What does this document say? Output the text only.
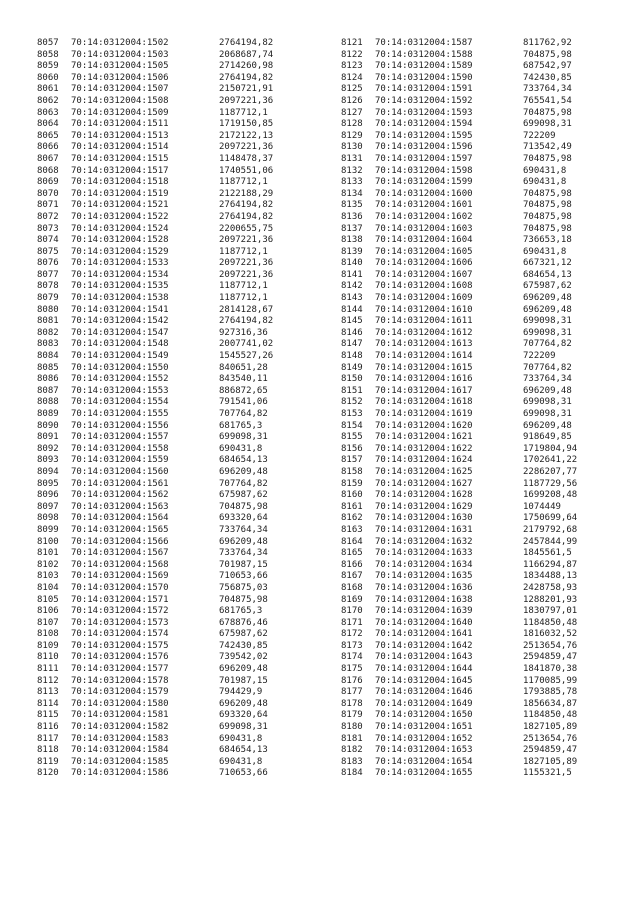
8057	70:14:0312004:1502	2764194,82
8058	70:14:0312004:1503	2068687,74
8059	70:14:0312004:1505	2714260,98
8060	70:14:0312004:1506	2764194,82
8061	70:14:0312004:1507	2150721,91
8062	70:14:0312004:1508	2097221,36
8063	70:14:0312004:1509	1187712,1
8064	70:14:0312004:1511	1719150,85
8065	70:14:0312004:1513	2172122,13
8066	70:14:0312004:1514	2097221,36
8067	70:14:0312004:1515	1148478,37
8068	70:14:0312004:1517	1740551,06
8069	70:14:0312004:1518	1187712,1
8070	70:14:0312004:1519	2122188,29
8071	70:14:0312004:1521	2764194,82
8072	70:14:0312004:1522	2764194,82
8073	70:14:0312004:1524	2200655,75
8074	70:14:0312004:1528	2097221,36
8075	70:14:0312004:1529	1187712,1
8076	70:14:0312004:1533	2097221,36
8077	70:14:0312004:1534	2097221,36
8078	70:14:0312004:1535	1187712,1
8079	70:14:0312004:1538	1187712,1
8080	70:14:0312004:1541	2814128,67
8081	70:14:0312004:1542	2764194,82
8082	70:14:0312004:1547	927316,36
8083	70:14:0312004:1548	2007741,02
8084	70:14:0312004:1549	1545527,26
8085	70:14:0312004:1550	840651,28
8086	70:14:0312004:1552	843540,11
8087	70:14:0312004:1553	886872,65
8088	70:14:0312004:1554	791541,06
8089	70:14:0312004:1555	707764,82
8090	70:14:0312004:1556	681765,3
8091	70:14:0312004:1557	699098,31
8092	70:14:0312004:1558	690431,8
8093	70:14:0312004:1559	684654,13
8094	70:14:0312004:1560	696209,48
8095	70:14:0312004:1561	707764,82
8096	70:14:0312004:1562	675987,62
8097	70:14:0312004:1563	704875,98
8098	70:14:0312004:1564	693320,64
8099	70:14:0312004:1565	733764,34
8100	70:14:0312004:1566	696209,48
8101	70:14:0312004:1567	733764,34
8102	70:14:0312004:1568	701987,15
8103	70:14:0312004:1569	710653,66
8104	70:14:0312004:1570	756875,03
8105	70:14:0312004:1571	704875,98
8106	70:14:0312004:1572	681765,3
8107	70:14:0312004:1573	678876,46
8108	70:14:0312004:1574	675987,62
8109	70:14:0312004:1575	742430,85
8110	70:14:0312004:1576	739542,02
8111	70:14:0312004:1577	696209,48
8112	70:14:0312004:1578	701987,15
8113	70:14:0312004:1579	794429,9
8114	70:14:0312004:1580	696209,48
8115	70:14:0312004:1581	693320,64
8116	70:14:0312004:1582	699098,31
8117	70:14:0312004:1583	690431,8
8118	70:14:0312004:1584	684654,13
8119	70:14:0312004:1585	690431,8
8120	70:14:0312004:1586	710653,66
8121	70:14:0312004:1587	811762,92
8122	70:14:0312004:1588	704875,98
8123	70:14:0312004:1589	687542,97
8124	70:14:0312004:1590	742430,85
8125	70:14:0312004:1591	733764,34
8126	70:14:0312004:1592	765541,54
8127	70:14:0312004:1593	704875,98
8128	70:14:0312004:1594	699098,31
8129	70:14:0312004:1595	722209
8130	70:14:0312004:1596	713542,49
8131	70:14:0312004:1597	704875,98
8132	70:14:0312004:1598	690431,8
8133	70:14:0312004:1599	690431,8
8134	70:14:0312004:1600	704875,98
8135	70:14:0312004:1601	704875,98
8136	70:14:0312004:1602	704875,98
8137	70:14:0312004:1603	704875,98
8138	70:14:0312004:1604	736653,18
8139	70:14:0312004:1605	690431,8
8140	70:14:0312004:1606	667321,12
8141	70:14:0312004:1607	684654,13
8142	70:14:0312004:1608	675987,62
8143	70:14:0312004:1609	696209,48
8144	70:14:0312004:1610	696209,48
8145	70:14:0312004:1611	699098,31
8146	70:14:0312004:1612	699098,31
8147	70:14:0312004:1613	707764,82
8148	70:14:0312004:1614	722209
8149	70:14:0312004:1615	707764,82
8150	70:14:0312004:1616	733764,34
8151	70:14:0312004:1617	696209,48
8152	70:14:0312004:1618	699098,31
8153	70:14:0312004:1619	699098,31
8154	70:14:0312004:1620	696209,48
8155	70:14:0312004:1621	918649,85
8156	70:14:0312004:1622	1719804,94
8157	70:14:0312004:1624	1702641,22
8158	70:14:0312004:1625	2286207,77
8159	70:14:0312004:1627	1187729,56
8160	70:14:0312004:1628	1699208,48
8161	70:14:0312004:1629	1074449
8162	70:14:0312004:1630	1750699,64
8163	70:14:0312004:1631	2179792,68
8164	70:14:0312004:1632	2457844,99
8165	70:14:0312004:1633	1845561,5
8166	70:14:0312004:1634	1166294,87
8167	70:14:0312004:1635	1834488,13
8168	70:14:0312004:1636	2428758,93
8169	70:14:0312004:1638	1288201,93
8170	70:14:0312004:1639	1830797,01
8171	70:14:0312004:1640	1184850,48
8172	70:14:0312004:1641	1816032,52
8173	70:14:0312004:1642	2513654,76
8174	70:14:0312004:1643	2594859,47
8175	70:14:0312004:1644	1841870,38
8176	70:14:0312004:1645	1170085,99
8177	70:14:0312004:1646	1793885,78
8178	70:14:0312004:1649	1856634,87
8179	70:14:0312004:1650	1184850,48
8180	70:14:0312004:1651	1827105,89
8181	70:14:0312004:1652	2513654,76
8182	70:14:0312004:1653	2594859,47
8183	70:14:0312004:1654	1827105,89
8184	70:14:0312004:1655	1155321,5
